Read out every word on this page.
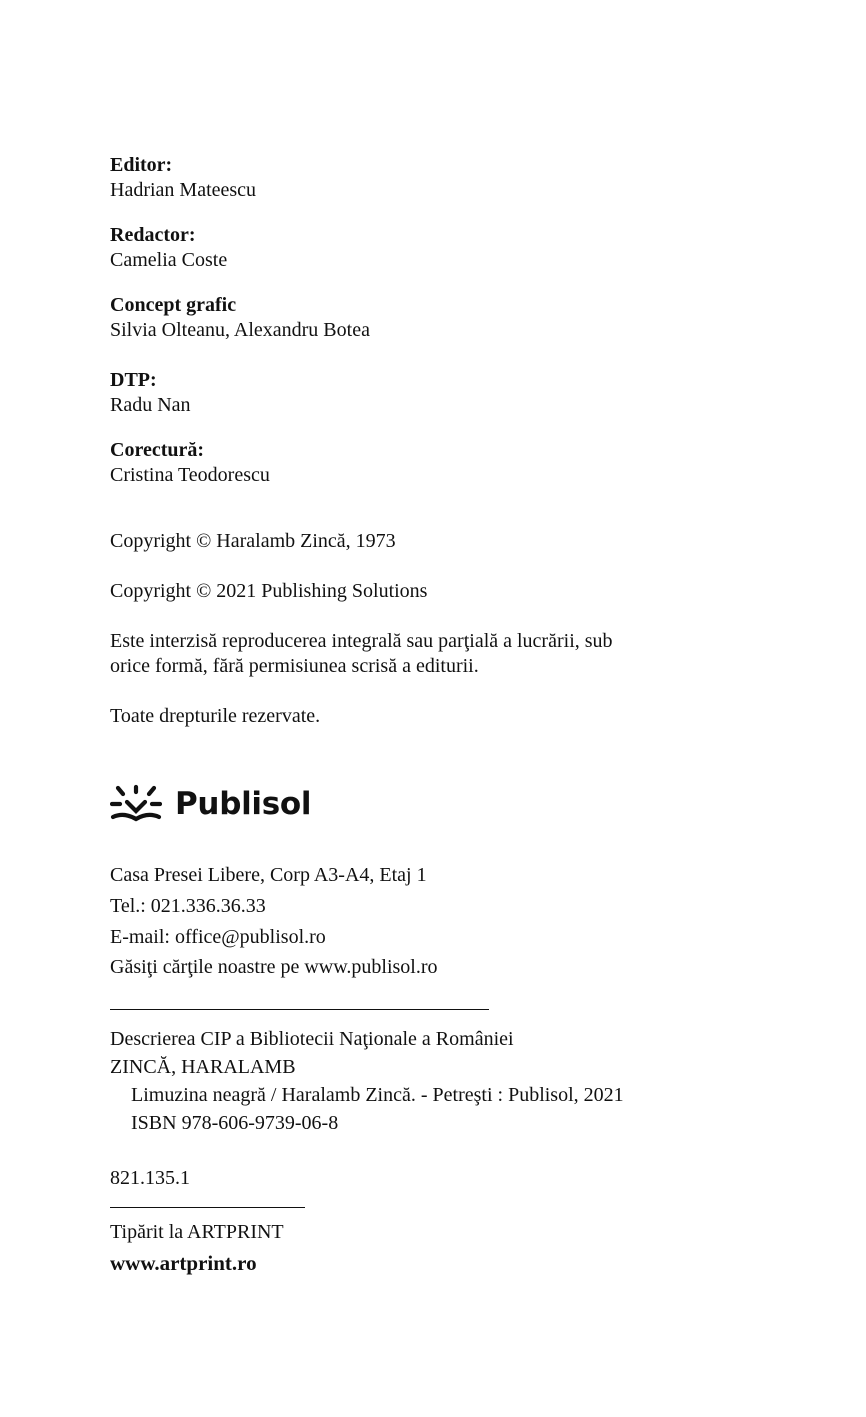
Editor:
Hadrian Mateescu
Redactor:
Camelia Coste
Concept grafic
Silvia Olteanu, Alexandru Botea
DTP:
Radu Nan
Corectură:
Cristina Teodorescu
Copyright © Haralamb Zincă, 1973
Copyright © 2021 Publishing Solutions
Este interzisă reproducerea integrală sau parţială a lucrării, sub
orice formă, fără permisiunea scrisă a editurii.
Toate drepturile rezervate.
Publisol
Casa Presei Libere, Corp A3-A4, Etaj 1
Tel.: 021.336.36.33
E-mail: office@publisol.ro
Găsiţi cărţile noastre pe www.publisol.ro
Descrierea CIP a Bibliotecii Naţionale a României
ZINCĂ, HARALAMB
Limuzina neagră / Haralamb Zincă. - Petreşti : Publisol, 2021
ISBN 978-606-9739-06-8
821.135.1
Tipărit la ARTPRINT
www.artprint.ro
